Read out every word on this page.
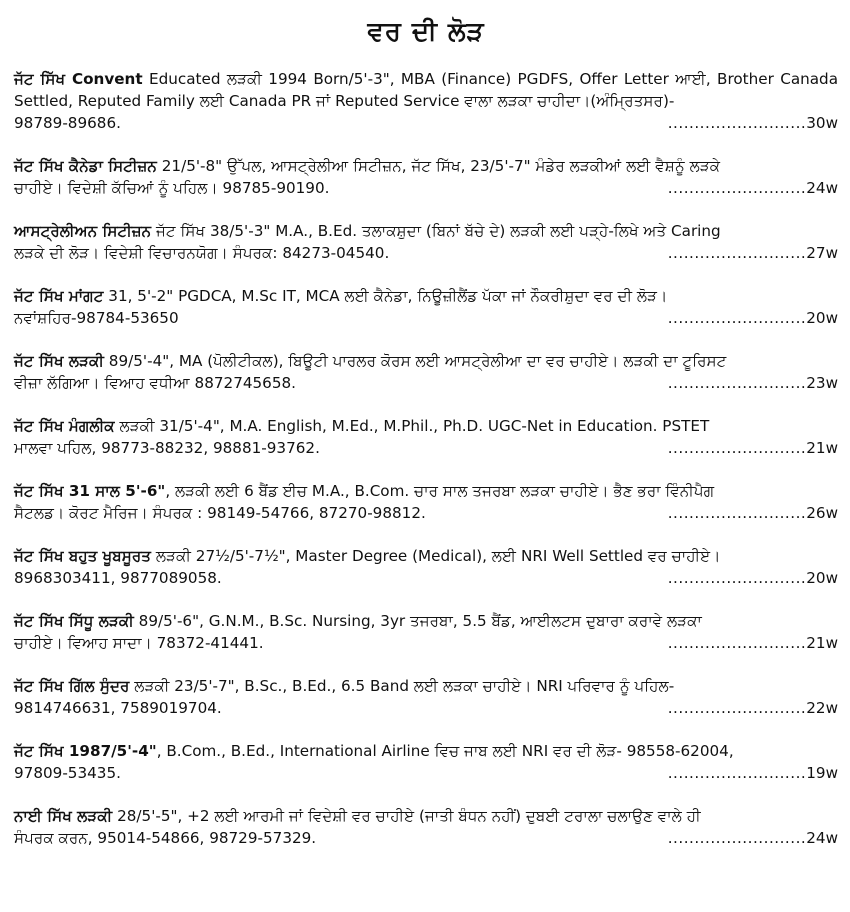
ਵਰ ਦੀ ਲੋੜ
ਜੱਟ ਸਿੱਖ Convent Educated ਲੜਕੀ 1994 Born/5'-3", MBA (Finance) PGDFS, Offer Letter ਆਈ, Brother Canada Settled, Reputed Family ਲਈ Canada PR ਜਾਂ Reputed Service ਵਾਲਾ ਲੜਕਾ ਚਾਹੀਦਾ।(ਅੰਮ੍ਰਿਤਸਰ)-
98789-89686.	..........................30w
ਜੱਟ ਸਿੱਖ ਕੈਨੇਡਾ ਸਿਟੀਜ਼ਨ 21/5'-8" ਉੱਪਲ, ਆਸਟ੍ਰੇਲੀਆ ਸਿਟੀਜ਼ਨ, ਜੱਟ ਸਿੱਖ, 23/5'-7" ਮੰਡੇਰ ਲੜਕੀਆਂ ਲਈ ਵੈਸ਼ਨੂੰ ਲੜਕੇ
ਚਾਹੀਏ। ਵਿਦੇਸ਼ੀ ਕੱਚਿਆਂ ਨੂੰ ਪਹਿਲ। 98785-90190.	..........................24w
ਆਸਟ੍ਰੇਲੀਅਨ ਸਿਟੀਜ਼ਨ ਜੱਟ ਸਿੱਖ 38/5'-3" M.A., B.Ed. ਤਲਾਕਸ਼ੁਦਾ (ਬਿਨਾਂ ਬੱਚੇ ਦੇ) ਲੜਕੀ ਲਈ ਪੜ੍ਹੇ-ਲਿਖੇ ਅਤੇ Caring
ਲੜਕੇ ਦੀ ਲੋੜ। ਵਿਦੇਸ਼ੀ ਵਿਚਾਰਨਯੋਗ। ਸੰਪਰਕ: 84273-04540.	..........................27w
ਜੱਟ ਸਿੱਖ ਮਾਂਗਟ 31, 5'-2" PGDCA, M.Sc IT, MCA ਲਈ ਕੈਨੇਡਾ, ਨਿਊਜ਼ੀਲੈਂਡ ਪੱਕਾ ਜਾਂ ਨੌਕਰੀਸ਼ੁਦਾ ਵਰ ਦੀ ਲੋੜ।
ਨਵਾਂਸ਼ਹਿਰ-98784-53650	..........................20w
ਜੱਟ ਸਿੱਖ ਲੜਕੀ 89/5'-4", MA (ਪੋਲੀਟੀਕਲ), ਬਿਊਟੀ ਪਾਰਲਰ ਕੋਰਸ ਲਈ ਆਸਟ੍ਰੇਲੀਆ ਦਾ ਵਰ ਚਾਹੀਏ। ਲੜਕੀ ਦਾ ਟੂਰਿਸਟ
ਵੀਜ਼ਾ ਲੱਗਿਆ। ਵਿਆਹ ਵਧੀਆ 8872745658.	..........................23w
ਜੱਟ ਸਿੱਖ ਮੰਗਲੀਕ ਲੜਕੀ 31/5'-4", M.A. English, M.Ed., M.Phil., Ph.D. UGC-Net in Education. PSTET
ਮਾਲਵਾ ਪਹਿਲ, 98773-88232, 98881-93762.	..........................21w
ਜੱਟ ਸਿੱਖ 31 ਸਾਲ 5'-6", ਲੜਕੀ ਲਈ 6 ਬੈਂਡ ਈਚ M.A., B.Com. ਚਾਰ ਸਾਲ ਤਜਰਬਾ ਲੜਕਾ ਚਾਹੀਏ। ਭੈਣ ਭਰਾ ਵਿੰਨੀਪੈਗ
ਸੈਟਲਡ। ਕੋਰਟ ਮੈਰਿਜ। ਸੰਪਰਕ : 98149-54766, 87270-98812.	..........................26w
ਜੱਟ ਸਿੱਖ ਬਹੁਤ ਖੂਬਸੂਰਤ ਲੜਕੀ 27½/5'-7½", Master Degree (Medical), ਲਈ NRI Well Settled ਵਰ ਚਾਹੀਏ।
8968303411, 9877089058.	..........................20w
ਜੱਟ ਸਿੱਖ ਸਿੱਧੂ ਲੜਕੀ 89/5'-6", G.N.M., B.Sc. Nursing, 3yr ਤਜਰਬਾ, 5.5 ਬੈਂਡ, ਆਈਲਟਸ ਦੁਬਾਰਾ ਕਰਾਵੇ ਲੜਕਾ
ਚਾਹੀਏ। ਵਿਆਹ ਸਾਦਾ। 78372-41441.	..........................21w
ਜੱਟ ਸਿੱਖ ਗਿੱਲ ਸੁੰਦਰ ਲੜਕੀ 23/5'-7", B.Sc., B.Ed., 6.5 Band ਲਈ ਲੜਕਾ ਚਾਹੀਏ। NRI ਪਰਿਵਾਰ ਨੂੰ ਪਹਿਲ-
9814746631, 7589019704.	..........................22w
ਜੱਟ ਸਿੱਖ 1987/5'-4", B.Com., B.Ed., International Airline ਵਿਚ ਜਾਬ ਲਈ NRI ਵਰ ਦੀ ਲੋੜ- 98558-62004,
97809-53435.	..........................19w
ਨਾਈ ਸਿੱਖ ਲੜਕੀ 28/5'-5", +2 ਲਈ ਆਰਮੀ ਜਾਂ ਵਿਦੇਸ਼ੀ ਵਰ ਚਾਹੀਏ (ਜਾਤੀ ਬੰਧਨ ਨਹੀਂ) ਦੁਬਈ ਟਰਾਲਾ ਚਲਾਉਣ ਵਾਲੇ ਹੀ
ਸੰਪਰਕ ਕਰਨ, 95014-54866, 98729-57329.	..........................24w
